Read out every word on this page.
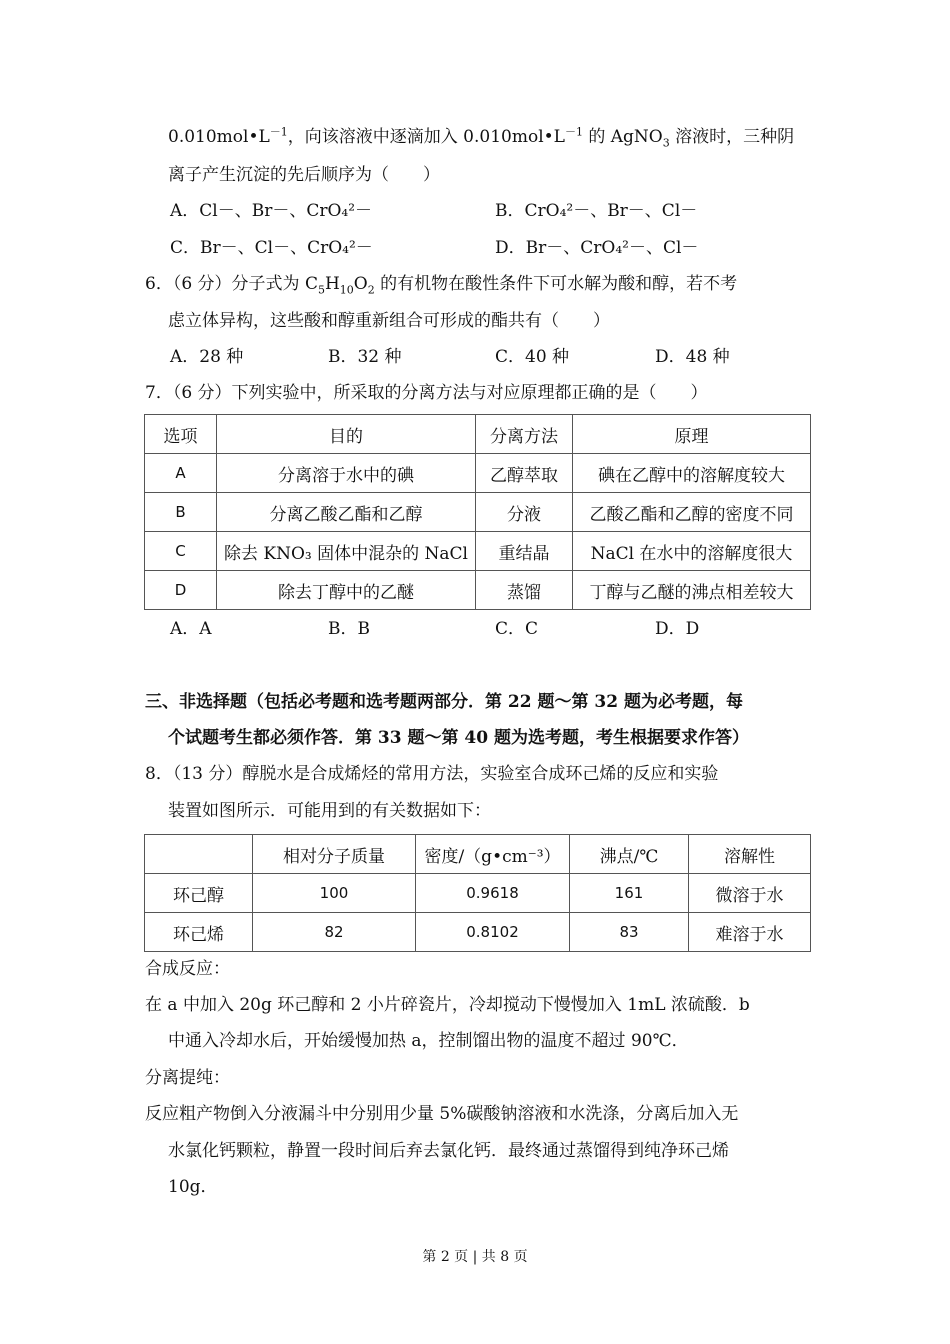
$0.010mol•L^{-1}$，向该溶液中逐滴加入 $0.010mol•L^{-1}$ 的 AgNO$_3$ 溶液时，三种阴
离子产生沉淀的先后顺序为（　　）
A．Cl－、Br－、CrO₄²－	B．CrO₄²－、Br－、Cl－
C．Br－、Cl－、CrO₄²－	D．Br－、CrO₄²－、Cl－
6．（6 分）分子式为 $C_5H_{10}O_2$ 的有机物在酸性条件下可水解为酸和醇，若不考
虑立体异构，这些酸和醇重新组合可形成的酯共有（　　）
A．28 种	B．32 种	C．40 种	D．48 种
7．（6 分）下列实验中，所采取的分离方法与对应原理都正确的是（　　）
选项	目的	分离方法	原理
A	分离溶于水中的碘	乙醇萃取	碘在乙醇中的溶解度较大
B	分离乙酸乙酯和乙醇	分液	乙酸乙酯和乙醇的密度不同
C	除去 KNO₃ 固体中混杂的 NaCl	重结晶	NaCl 在水中的溶解度很大
D	除去丁醇中的乙醚	蒸馏	丁醇与乙醚的沸点相差较大
A．A	B．B	C．C	D．D
三、非选择题（包括必考题和选考题两部分．第 22 题～第 32 题为必考题，每
个试题考生都必须作答．第 33 题～第 40 题为选考题，考生根据要求作答）
8．（13 分）醇脱水是合成烯烃的常用方法，实验室合成环己烯的反应和实验
装置如图所示．可能用到的有关数据如下：
	相对分子质量	密度/（g•cm⁻³）	沸点/℃	溶解性
环己醇	100	0.9618	161	微溶于水
环己烯	82	0.8102	83	难溶于水
合成反应：
在 a 中加入 20g 环己醇和 2 小片碎瓷片，冷却搅动下慢慢加入 1mL 浓硫酸．b
中通入冷却水后，开始缓慢加热 a，控制馏出物的温度不超过 90℃．
分离提纯：
反应粗产物倒入分液漏斗中分别用少量 5%碳酸钠溶液和水洗涤，分离后加入无
水氯化钙颗粒，静置一段时间后弃去氯化钙．最终通过蒸馏得到纯净环己烯
10g．
第 2 页 | 共 8 页
